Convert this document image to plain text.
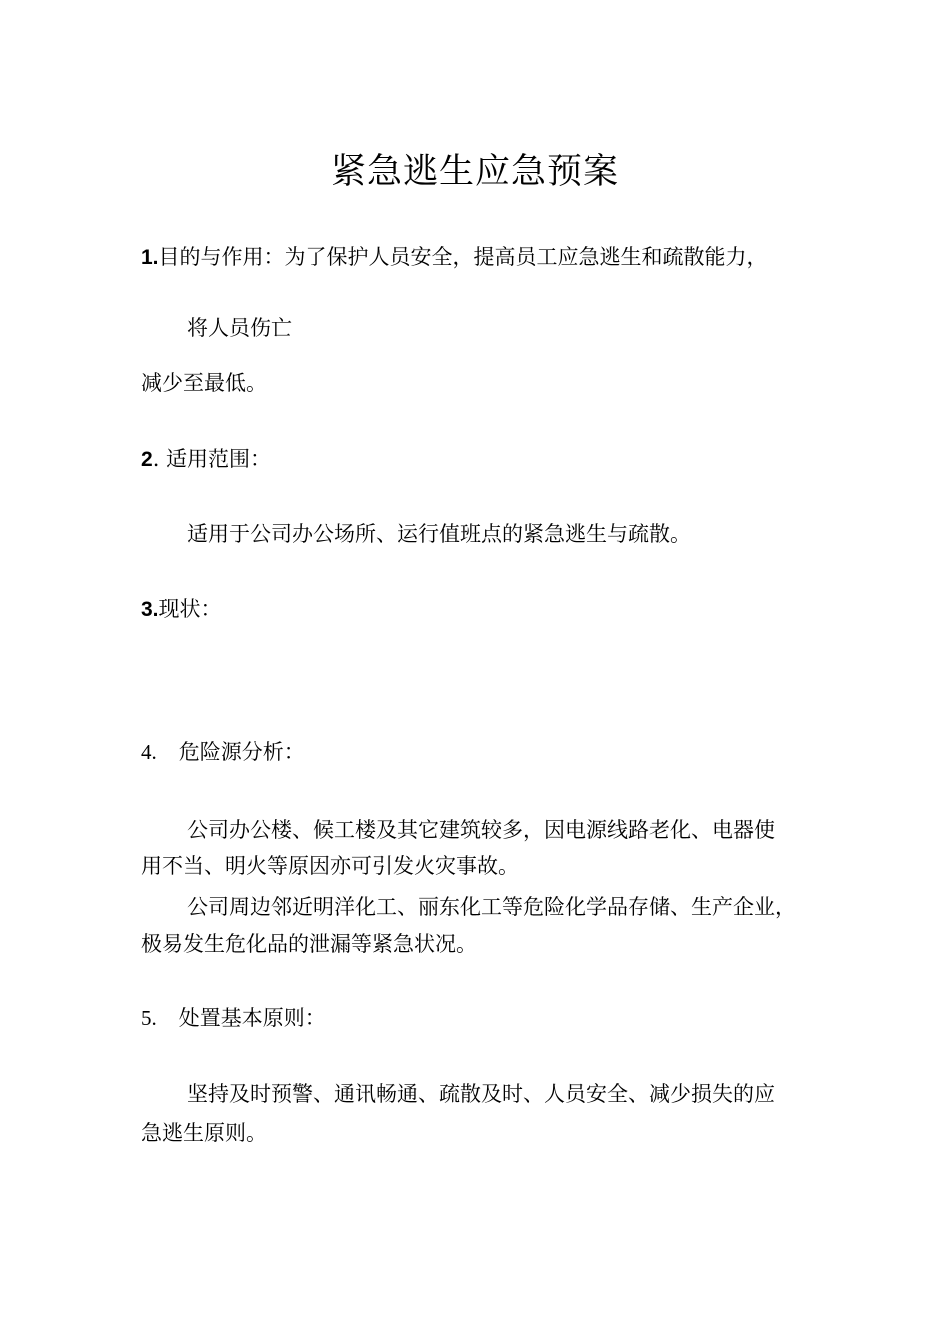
紧急逃生应急预案
1.目的与作用：为了保护人员安全，提高员工应急逃生和疏散能力，
将人员伤亡
减少至最低。
2. 适用范围：
适用于公司办公场所、运行值班点的紧急逃生与疏散。
3.现状：
4. 危险源分析：
公司办公楼、候工楼及其它建筑较多，因电源线路老化、电器使
用不当、明火等原因亦可引发火灾事故。
公司周边邻近明洋化工、丽东化工等危险化学品存储、生产企业，
极易发生危化品的泄漏等紧急状况。
5. 处置基本原则：
坚持及时预警、通讯畅通、疏散及时、人员安全、减少损失的应
急逃生原则。
